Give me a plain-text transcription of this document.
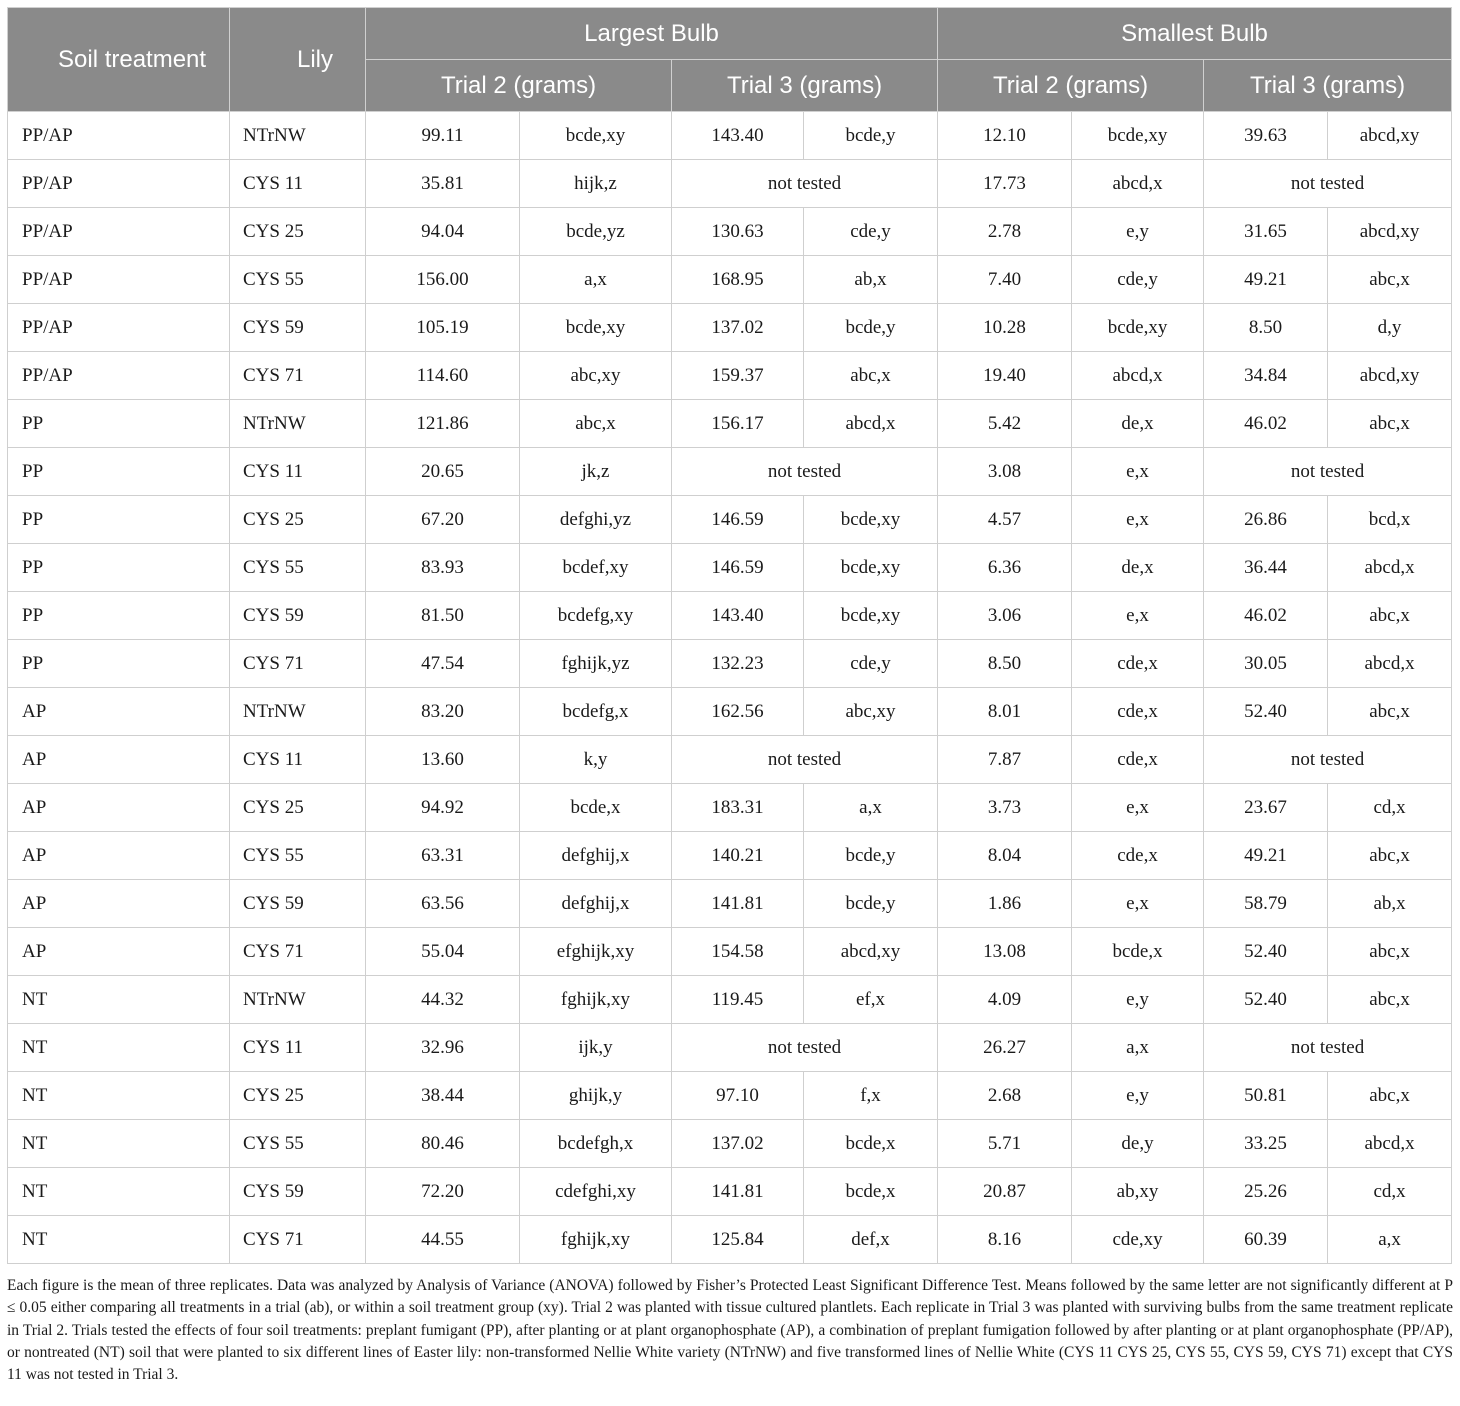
Soil treatment	Lily	Largest Bulb				Smallest Bulb			
		Trial 2 (grams)		Trial 3 (grams)		Trial 2 (grams)		Trial 3 (grams)	
PP/AP	NTrNW	99.11	bcde,xy	143.40	bcde,y	12.10	bcde,xy	39.63	abcd,xy
PP/AP	CYS 11	35.81	hijk,z	not tested		17.73	abcd,x	not tested	
PP/AP	CYS 25	94.04	bcde,yz	130.63	cde,y	2.78	e,y	31.65	abcd,xy
PP/AP	CYS 55	156.00	a,x	168.95	ab,x	7.40	cde,y	49.21	abc,x
PP/AP	CYS 59	105.19	bcde,xy	137.02	bcde,y	10.28	bcde,xy	8.50	d,y
PP/AP	CYS 71	114.60	abc,xy	159.37	abc,x	19.40	abcd,x	34.84	abcd,xy
PP	NTrNW	121.86	abc,x	156.17	abcd,x	5.42	de,x	46.02	abc,x
PP	CYS 11	20.65	jk,z	not tested		3.08	e,x	not tested	
PP	CYS 25	67.20	defghi,yz	146.59	bcde,xy	4.57	e,x	26.86	bcd,x
PP	CYS 55	83.93	bcdef,xy	146.59	bcde,xy	6.36	de,x	36.44	abcd,x
PP	CYS 59	81.50	bcdefg,xy	143.40	bcde,xy	3.06	e,x	46.02	abc,x
PP	CYS 71	47.54	fghijk,yz	132.23	cde,y	8.50	cde,x	30.05	abcd,x
AP	NTrNW	83.20	bcdefg,x	162.56	abc,xy	8.01	cde,x	52.40	abc,x
AP	CYS 11	13.60	k,y	not tested		7.87	cde,x	not tested	
AP	CYS 25	94.92	bcde,x	183.31	a,x	3.73	e,x	23.67	cd,x
AP	CYS 55	63.31	defghij,x	140.21	bcde,y	8.04	cde,x	49.21	abc,x
AP	CYS 59	63.56	defghij,x	141.81	bcde,y	1.86	e,x	58.79	ab,x
AP	CYS 71	55.04	efghijk,xy	154.58	abcd,xy	13.08	bcde,x	52.40	abc,x
NT	NTrNW	44.32	fghijk,xy	119.45	ef,x	4.09	e,y	52.40	abc,x
NT	CYS 11	32.96	ijk,y	not tested		26.27	a,x	not tested	
NT	CYS 25	38.44	ghijk,y	97.10	f,x	2.68	e,y	50.81	abc,x
NT	CYS 55	80.46	bcdefgh,x	137.02	bcde,x	5.71	de,y	33.25	abcd,x
NT	CYS 59	72.20	cdefghi,xy	141.81	bcde,x	20.87	ab,xy	25.26	cd,x
NT	CYS 71	44.55	fghijk,xy	125.84	def,x	8.16	cde,xy	60.39	a,x
Each figure is the mean of three replicates. Data was analyzed by Analysis of Variance (ANOVA) followed by Fisher’s Protected Least Significant Difference Test. Means followed by the same letter are not significantly different at P ≤ 0.05 either comparing all treatments in a trial (ab), or within a soil treatment group (xy). Trial 2 was planted with tissue cultured plantlets. Each replicate in Trial 3 was planted with surviving bulbs from the same treatment replicate in Trial 2. Trials tested the effects of four soil treatments: preplant fumigant (PP), after planting or at plant organophosphate (AP), a combination of preplant fumigation followed by after planting or at plant organophosphate (PP/AP), or nontreated (NT) soil that were planted to six different lines of Easter lily: non-transformed Nellie White variety (NTrNW) and five transformed lines of Nellie White (CYS 11 CYS 25, CYS 55, CYS 59, CYS 71) except that CYS 11 was not tested in Trial 3.
